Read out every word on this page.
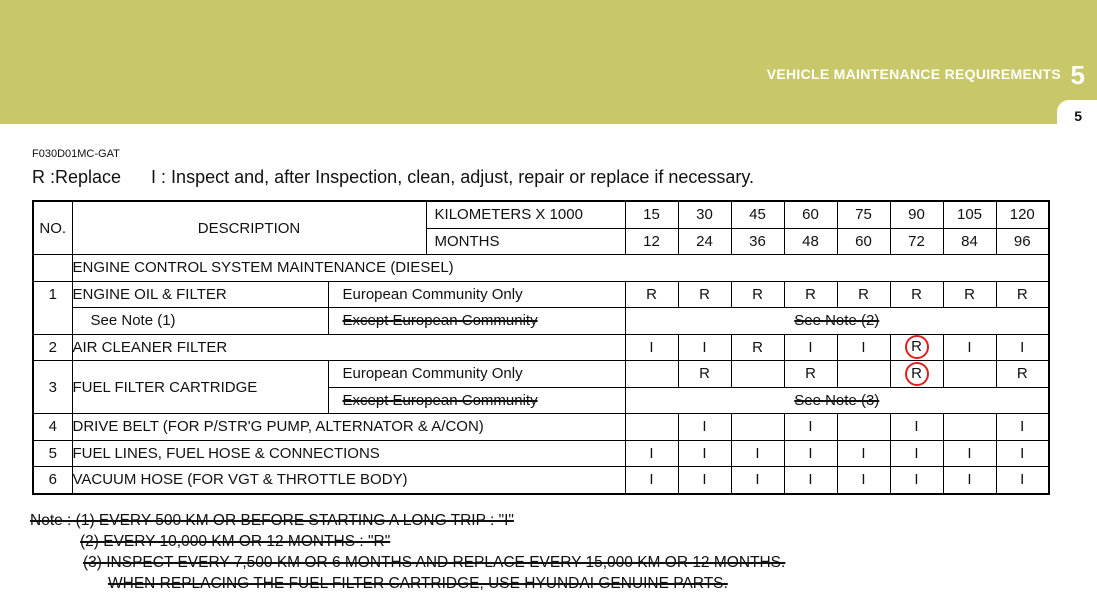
VEHICLE MAINTENANCE REQUIREMENTS 5
5
F030D01MC-GAT
R :Replace      I : Inspect and, after Inspection, clean, adjust, repair or replace if necessary.
NO.	DESCRIPTION		KILOMETERS X 1000	15	30	45	60	75	90	105	120
			MONTHS	12	24	36	48	60	72	84	96
	ENGINE CONTROL SYSTEM MAINTENANCE (DIESEL)										
1	ENGINE OIL & FILTER	European Community Only		R	R	R	R	R	R	R	R
	See Note (1)	Except European Community		See Note (2)							
2	AIR CLEANER FILTER			I	I	R	I	I	R	I	I
3	FUEL FILTER CARTRIDGE	European Community Only			R		R		R		R
		Except European Community		See Note (3)							
4	DRIVE BELT (FOR P/STR'G PUMP, ALTERNATOR & A/CON)				I		I		I		I
5	FUEL LINES, FUEL HOSE & CONNECTIONS			I	I	I	I	I	I	I	I
6	VACUUM HOSE (FOR VGT & THROTTLE BODY)			I	I	I	I	I	I	I	I
Note : (1) EVERY 500 KM OR BEFORE STARTING A LONG TRIP : "I"
(2) EVERY 10,000 KM OR 12 MONTHS : "R"
(3) INSPECT EVERY 7,500 KM OR 6 MONTHS AND REPLACE EVERY 15,000 KM OR 12 MONTHS.
WHEN REPLACING THE FUEL FILTER CARTRIDGE, USE HYUNDAI GENUINE PARTS.
